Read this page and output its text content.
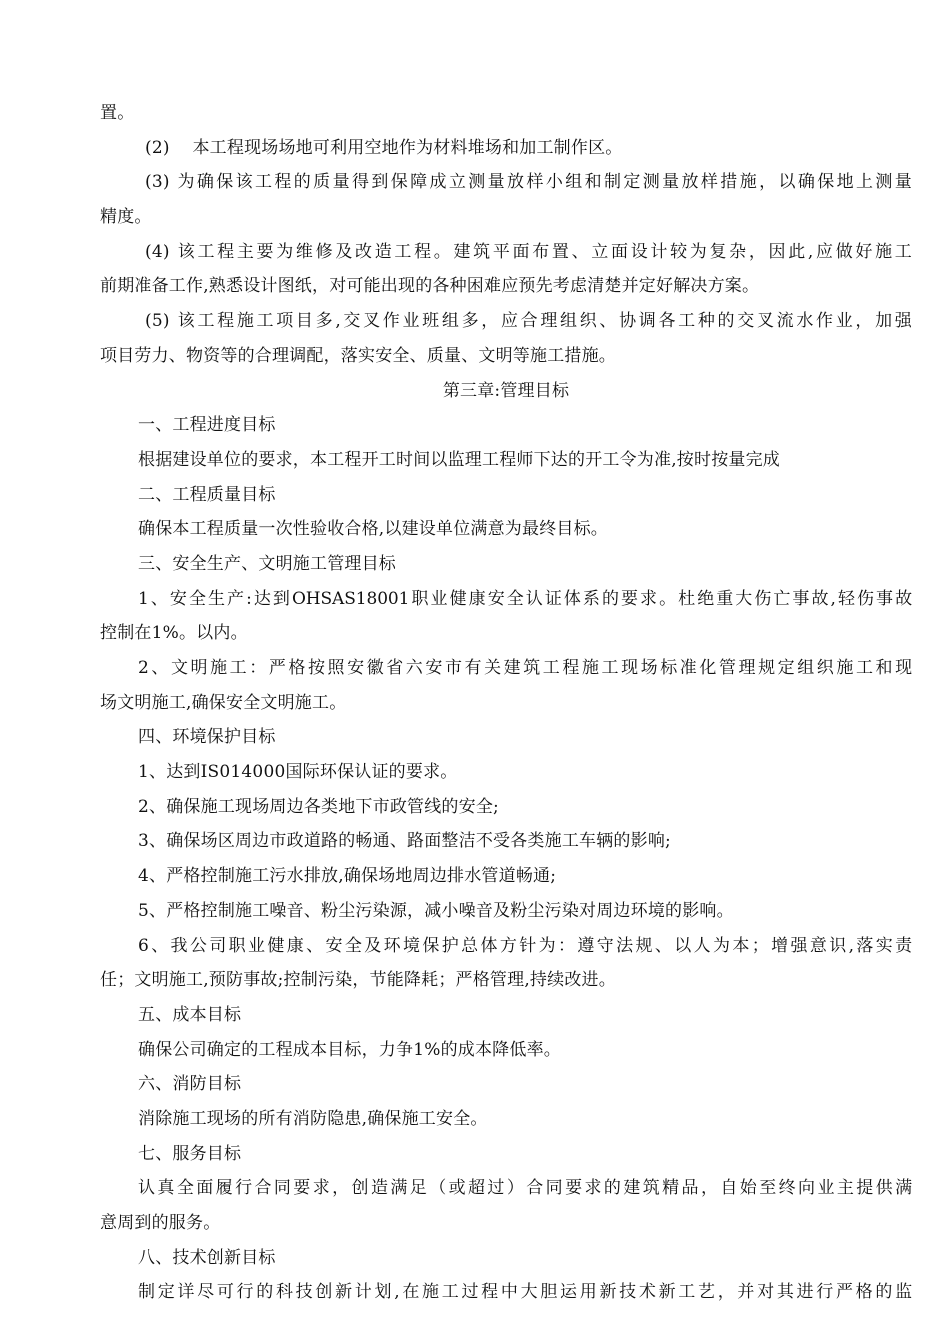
置。
(2)　 本工程现场场地可利用空地作为材料堆场和加工制作区。
(3) 为确保该工程的质量得到保障成立测量放样小组和制定测量放样措施，以确保地上测量
精度。
(4) 该工程主要为维修及改造工程。建筑平面布置、立面设计较为复杂，因此,应做好施工
前期准备工作,熟悉设计图纸，对可能出现的各种困难应预先考虑清楚并定好解决方案。
(5) 该工程施工项目多,交叉作业班组多，应合理组织、协调各工种的交叉流水作业，加强
项目劳力、物资等的合理调配，落实安全、质量、文明等施工措施。
第三章:管理目标
一、工程进度目标
根据建设单位的要求，本工程开工时间以监理工程师下达的开工令为准,按时按量完成
二、工程质量目标
确保本工程质量一次性验收合格,以建设单位满意为最终目标。
三、安全生产、文明施工管理目标
1、安全生产:达到OHSAS18001职业健康安全认证体系的要求。杜绝重大伤亡事故,轻伤事故
控制在1%。以内。
2、文明施工：严格按照安徽省六安市有关建筑工程施工现场标准化管理规定组织施工和现
场文明施工,确保安全文明施工。
四、环境保护目标
1、达到IS014000国际环保认证的要求。
2、确保施工现场周边各类地下市政管线的安全;
3、确保场区周边市政道路的畅通、路面整洁不受各类施工车辆的影响;
4、严格控制施工污水排放,确保场地周边排水管道畅通;
5、严格控制施工噪音、粉尘污染源，减小噪音及粉尘污染对周边环境的影响。
6、我公司职业健康、安全及环境保护总体方针为：遵守法规、以人为本；增强意识,落实责
任；文明施工,预防事故;控制污染，节能降耗；严格管理,持续改进。
五、成本目标
确保公司确定的工程成本目标，力争1%的成本降低率。
六、消防目标
消除施工现场的所有消防隐患,确保施工安全。
七、服务目标
认真全面履行合同要求，创造满足（或超过）合同要求的建筑精品，自始至终向业主提供满
意周到的服务。
八、技术创新目标
制定详尽可行的科技创新计划,在施工过程中大胆运用新技术新工艺，并对其进行严格的监
